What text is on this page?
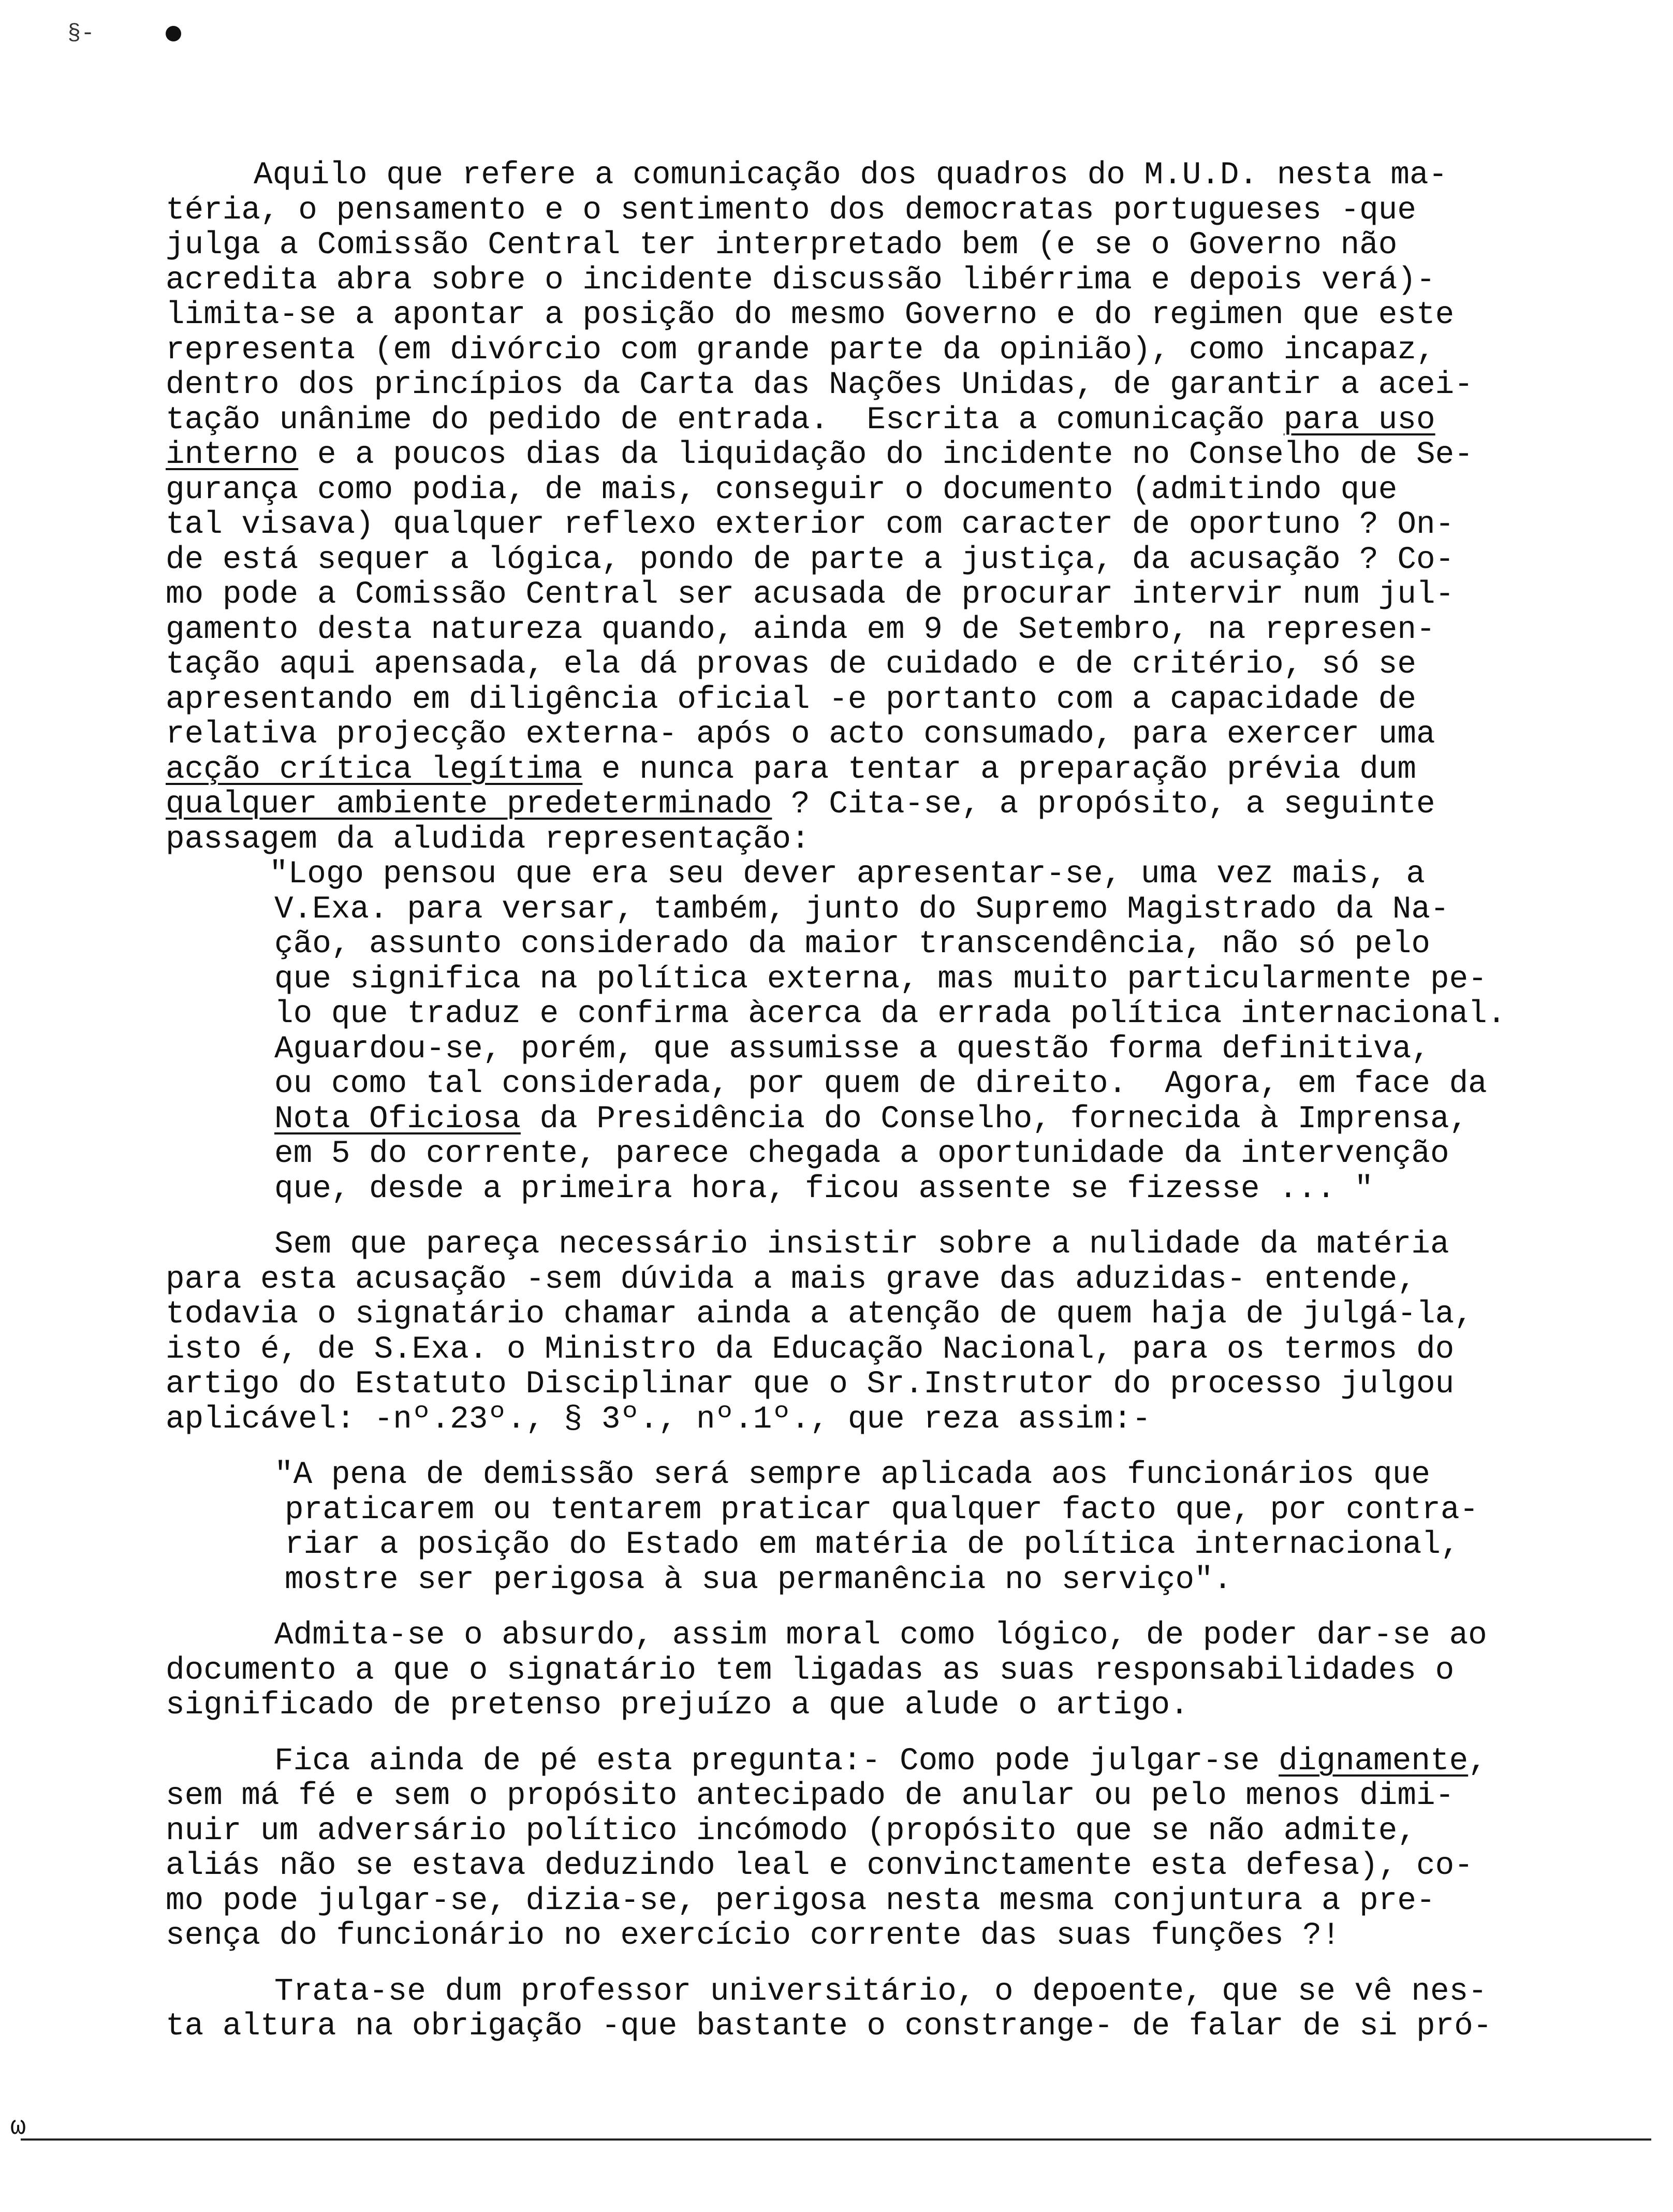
§-
Aquilo que refere a comunicação dos quadros do M.U.D. nesta ma-
téria, o pensamento e o sentimento dos democratas portugueses -que
julga a Comissão Central ter interpretado bem (e se o Governo não
acredita abra sobre o incidente discussão libérrima e depois verá)-
limita-se a apontar a posição do mesmo Governo e do regimen que este
representa (em divórcio com grande parte da opinião), como incapaz,
dentro dos princípios da Carta das Nações Unidas, de garantir a acei-
tação unânime do pedido de entrada.  Escrita a comunicação para uso
interno e a poucos dias da liquidação do incidente no Conselho de Se-
gurança como podia, de mais, conseguir o documento (admitindo que
tal visava) qualquer reflexo exterior com caracter de oportuno ? On-
de está sequer a lógica, pondo de parte a justiça, da acusação ? Co-
mo pode a Comissão Central ser acusada de procurar intervir num jul-
gamento desta natureza quando, ainda em 9 de Setembro, na represen-
tação aqui apensada, ela dá provas de cuidado e de critério, só se
apresentando em diligência oficial -e portanto com a capacidade de
relativa projecção externa- após o acto consumado, para exercer uma
acção crítica legítima e nunca para tentar a preparação prévia dum
qualquer ambiente predeterminado ? Cita-se, a propósito, a seguinte
passagem da aludida representação:
"Logo pensou que era seu dever apresentar-se, uma vez mais, a
V.Exa. para versar, também, junto do Supremo Magistrado da Na-
ção, assunto considerado da maior transcendência, não só pelo
que significa na política externa, mas muito particularmente pe-
lo que traduz e confirma àcerca da errada política internacional.
Aguardou-se, porém, que assumisse a questão forma definitiva,
ou como tal considerada, por quem de direito.  Agora, em face da
Nota Oficiosa da Presidência do Conselho, fornecida à Imprensa,
em 5 do corrente, parece chegada a oportunidade da intervenção
que, desde a primeira hora, ficou assente se fizesse ... "
Sem que pareça necessário insistir sobre a nulidade da matéria
para esta acusação -sem dúvida a mais grave das aduzidas- entende,
todavia o signatário chamar ainda a atenção de quem haja de julgá-la,
isto é, de S.Exa. o Ministro da Educação Nacional, para os termos do
artigo do Estatuto Disciplinar que o Sr.Instrutor do processo julgou
aplicável: -nº.23º., § 3º., nº.1º., que reza assim:-
"A pena de demissão será sempre aplicada aos funcionários que
praticarem ou tentarem praticar qualquer facto que, por contra-
riar a posição do Estado em matéria de política internacional,
mostre ser perigosa à sua permanência no serviço".
Admita-se o absurdo, assim moral como lógico, de poder dar-se ao
documento a que o signatário tem ligadas as suas responsabilidades o
significado de pretenso prejuízo a que alude o artigo.
Fica ainda de pé esta pregunta:- Como pode julgar-se dignamente,
sem má fé e sem o propósito antecipado de anular ou pelo menos dimi-
nuir um adversário político incómodo (propósito que se não admite,
aliás não se estava deduzindo leal e convinctamente esta defesa), co-
mo pode julgar-se, dizia-se, perigosa nesta mesma conjuntura a pre-
sença do funcionário no exercício corrente das suas funções ?!
Trata-se dum professor universitário, o depoente, que se vê nes-
ta altura na obrigação -que bastante o constrange- de falar de si pró-
ω
